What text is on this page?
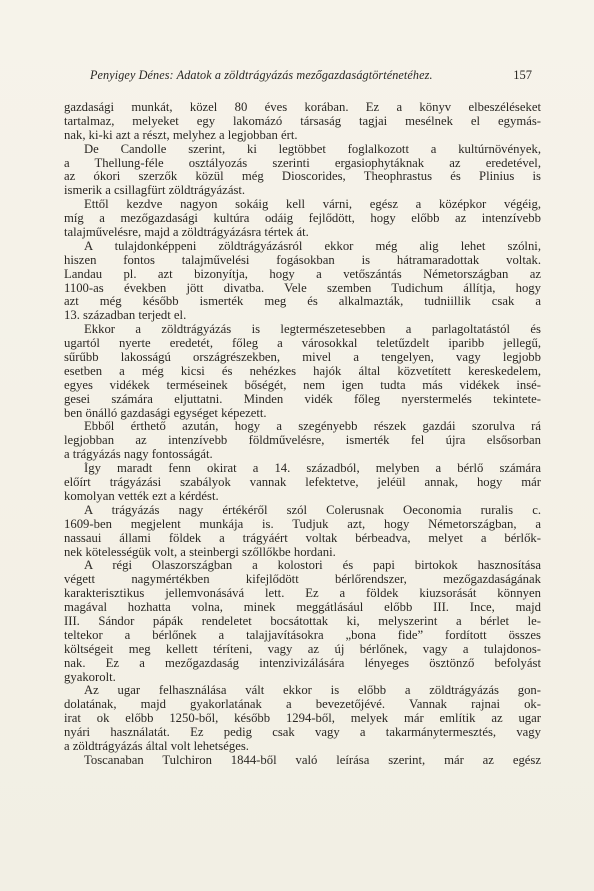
Penyigey Dénes: Adatok a zöldtrágyázás mezőgazdaságtörténetéhez.	157
gazdasági munkát, közel 80 éves korában. Ez a könyv elbeszéléseket
tartalmaz, melyeket egy lakomázó társaság tagjai mesélnek el egymás-
nak, ki-ki azt a részt, melyhez a legjobban ért.
De Candolle szerint, ki legtöbbet foglalkozott a kultúrnövények,
a Thellung-féle osztályozás szerinti ergasiophytáknak az eredetével,
az ókori szerzők közül még Dioscorides, Theophrastus és Plinius is
ismerik a csillagfürt zöldtrágyázást.
Ettől kezdve nagyon sokáig kell várni, egész a középkor végéig,
míg a mezőgazdasági kultúra odáig fejlődött, hogy előbb az intenzívebb
talajművelésre, majd a zöldtrágyázásra tértek át.
A tulajdonképpeni zöldtrágyázásról ekkor még alig lehet szólni,
hiszen fontos talajművelési fogásokban is hátramaradottak voltak.
Landau pl. azt bizonyítja, hogy a vetőszántás Németországban az
1100-as években jött divatba. Vele szemben Tudichum állítja, hogy
azt még később ismerték meg és alkalmazták, tudniillik csak a
13. században terjedt el.
Ekkor a zöldtrágyázás is legtermészetesebben a parlagoltatástól és
ugartól nyerte eredetét, főleg a városokkal teletűzdelt iparibb jellegű,
sűrűbb lakosságú országrészekben, mivel a tengelyen, vagy legjobb
esetben a még kicsi és nehézkes hajók által közvetített kereskedelem,
egyes vidékek terméseinek bőségét, nem igen tudta más vidékek insé-
gesei számára eljuttatni. Minden vidék főleg nyerstermelés tekintete-
ben önálló gazdasági egységet képezett.
Ebből érthető azután, hogy a szegényebb részek gazdái szorulva rá
legjobban az intenzívebb földművelésre, ismerték fel újra elsősorban
a trágyázás nagy fontosságát.
Így maradt fenn okirat a 14. századból, melyben a bérlő számára
előírt trágyázási szabályok vannak lefektetve, jeléül annak, hogy már
komolyan vették ezt a kérdést.
A trágyázás nagy értékéről szól Colerusnak Oeconomia ruralis c.
1609-ben megjelent munkája is. Tudjuk azt, hogy Németországban, a
nassaui állami földek a trágyáért voltak bérbeadva, melyet a bérlők-
nek kötelességük volt, a steinbergi szőllőkbe hordani.
A régi Olaszországban a kolostori és papi birtokok hasznosítása
végett nagymértékben kifejlődött bérlőrendszer, mezőgazdaságának
karakterisztikus jellemvonásává lett. Ez a földek kiuzsorását könnyen
magával hozhatta volna, minek meggátlásául előbb III. Ince, majd
III. Sándor pápák rendeletet bocsátottak ki, melyszerint a bérlet le-
teltekor a bérlőnek a talajjavításokra „bona fide” fordított összes
költségeit meg kellett téríteni, vagy az új bérlőnek, vagy a tulajdonos-
nak. Ez a mezőgazdaság intenzivizálására lényeges ösztönző befolyást
gyakorolt.
Az ugar felhasználása vált ekkor is előbb a zöldtrágyázás gon-
dolatának, majd gyakorlatának a bevezetőjévé. Vannak rajnai ok-
irat ok előbb 1250-ből, később 1294-ből, melyek már említik az ugar
nyári használatát. Ez pedig csak vagy a takarmánytermesztés, vagy
a zöldtrágyázás által volt lehetséges.
Toscanaban Tulchiron 1844-ből való leírása szerint, már az egész
